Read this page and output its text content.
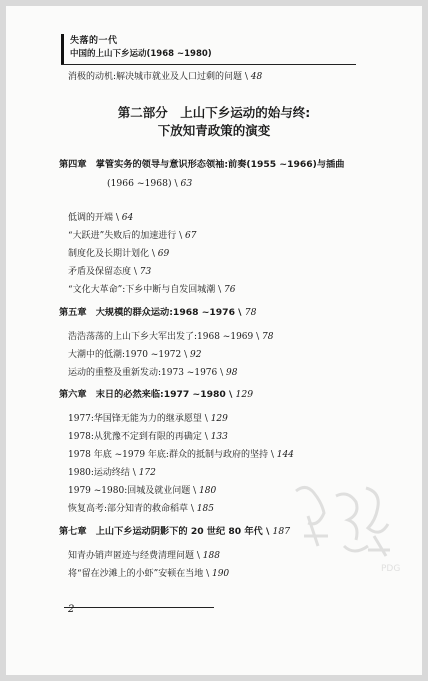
失落的一代
中国的上山下乡运动(1968 ~1980)
消极的动机:解决城市就业及人口过剩的问题 \ 48
第二部分　上山下乡运动的始与终:
下放知青政策的演变
第四章　掌管实务的领导与意识形态领袖:前奏(1955 ~1966)与插曲
(1966 ~1968) \ 63
低调的开端 \ 64
“大跃进”失败后的加速进行 \ 67
制度化及长期计划化 \ 69
矛盾及保留态度 \ 73
“文化大革命”:下乡中断与自发回城潮 \ 76
第五章　大规模的群众运动:1968 ~1976 \ 78
浩浩荡荡的上山下乡大军出发了:1968 ~1969 \ 78
大潮中的低潮:1970 ~1972 \ 92
运动的重整及重新发动:1973 ~1976 \ 98
第六章　末日的必然来临:1977 ~1980 \ 129
1977:华国锋无能为力的继承愿望 \ 129
1978:从犹豫不定到有限的再确定 \ 133
1978 年底 ~1979 年底:群众的抵制与政府的坚持 \ 144
1980:运动终结 \ 172
1979 ~1980:回城及就业问题 \ 180
恢复高考:部分知青的救命稻草 \ 185
第七章　上山下乡运动阴影下的 20 世纪 80 年代 \ 187
知青办销声匿迹与经费清理问题 \ 188
将“留在沙滩上的小虾”安顿在当地 \ 190	PDG
2
